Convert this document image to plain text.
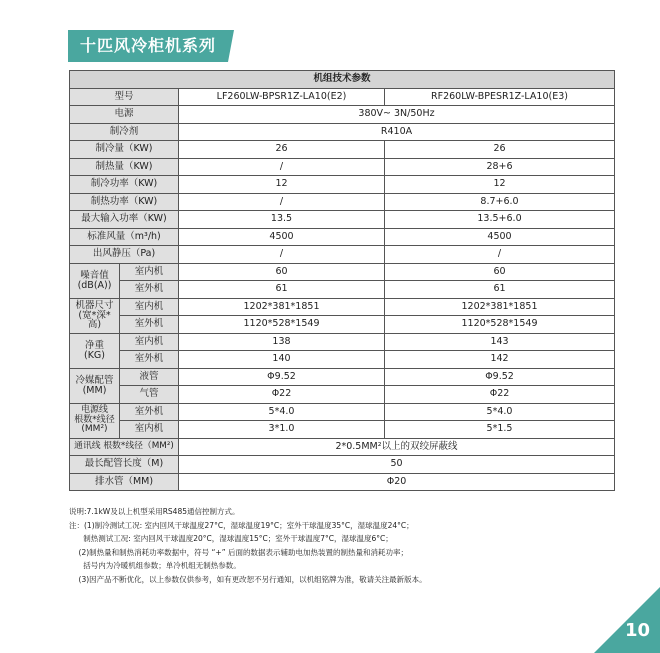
十匹风冷柜机系列
机组技术参数			
型号		LF260LW-BPSR1Z-LA10(E2)	RF260LW-BPESR1Z-LA10(E3)
电源		380V~ 3N/50Hz	
制冷剂		R410A	
制冷量（KW)		26	26
制热量（KW)		/	28+6
制冷功率（KW)		12	12
制热功率（KW)		/	8.7+6.0
最大输入功率（KW)		13.5	13.5+6.0
标准风量（m³/h)		4500	4500
出风静压（Pa)		/	/
噪音值
(dB(A))	室内机	60	60
	室外机	61	61
机器尺寸
(宽*深*高)	室内机	1202*381*1851	1202*381*1851
	室外机	1120*528*1549	1120*528*1549
净重
(KG)	室内机	138	143
	室外机	140	142
冷媒配管
(MM)	液管	Φ9.52	Φ9.52
	气管	Φ22	Φ22
电源线
根数*线径
(MM²)	室外机	5*4.0	5*4.0
	室内机	3*1.0	5*1.5
通讯线 根数*线径（MM²)		2*0.5MM²以上的双绞屏蔽线	
最长配管长度（M)		50	
排水管（MM)		Φ20	
说明:7.1kW及以上机型采用RS485通信控制方式。
注：(1)制冷测试工况: 室内回风干球温度27°C，湿球温度19°C；室外干球温度35°C，湿球温度24°C；
制热测试工况: 室内回风干球温度20°C，湿球温度15°C；室外干球温度7°C，湿球温度6°C；
(2)制热量和制热消耗功率数据中，符号 “+” 后面的数据表示辅助电加热装置的制热量和消耗功率；
括号内为冷暖机组参数；单冷机组无制热参数。
(3)因产品不断优化，以上参数仅供参考，如有更改恕不另行通知，以机组铭牌为准，敬请关注最新版本。
10
